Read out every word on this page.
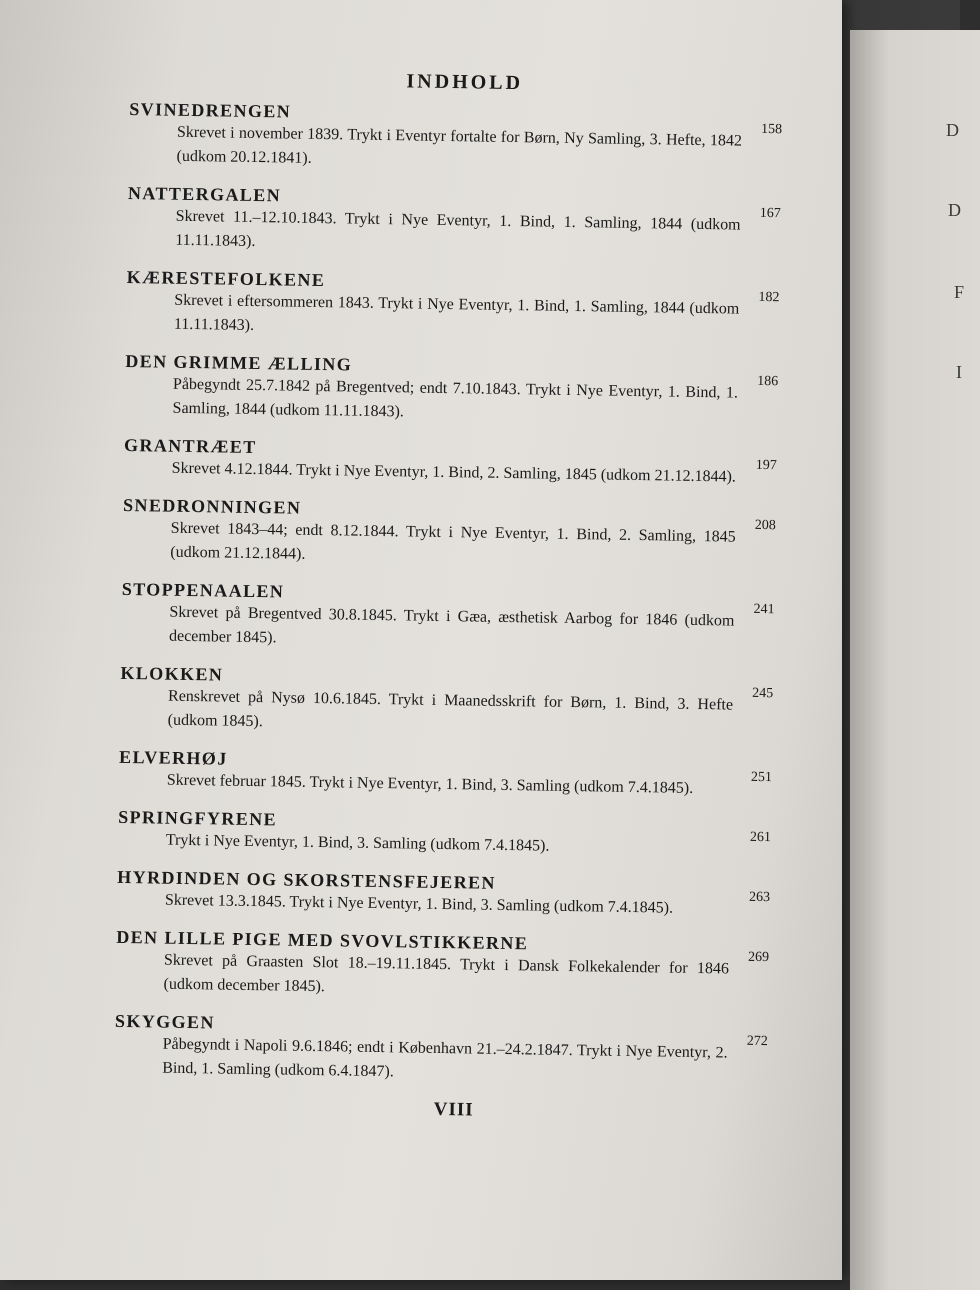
INDHOLD
SVINEDRENGEN
Skrevet i november 1839. Trykt i Eventyr fortalte for Børn, Ny Samling, 3. Hefte, 1842 (udkom 20.12.1841).
158
NATTERGALEN
Skrevet 11.–12.10.1843. Trykt i Nye Eventyr, 1. Bind, 1. Samling, 1844 (udkom 11.11.1843).
167
KÆRESTEFOLKENE
Skrevet i eftersommeren 1843. Trykt i Nye Eventyr, 1. Bind, 1. Samling, 1844 (udkom 11.11.1843).
182
DEN GRIMME ÆLLING
Påbegyndt 25.7.1842 på Bregentved; endt 7.10.1843. Trykt i Nye Eventyr, 1. Bind, 1. Samling, 1844 (udkom 11.11.1843).
186
GRANTRÆET
Skrevet 4.12.1844. Trykt i Nye Eventyr, 1. Bind, 2. Samling, 1845 (udkom 21.12.1844). 197
SNEDRONNINGEN
Skrevet 1843–44; endt 8.12.1844. Trykt i Nye Eventyr, 1. Bind, 2. Samling, 1845 (udkom 21.12.1844).
208
STOPPENAALEN
Skrevet på Bregentved 30.8.1845. Trykt i Gæa, æsthetisk Aarbog for 1846 (udkom december 1845).
241
KLOKKEN
Renskrevet på Nysø 10.6.1845. Trykt i Maanedsskrift for Børn, 1. Bind, 3. Hefte (udkom 1845).
245
ELVERHØJ
Skrevet februar 1845. Trykt i Nye Eventyr, 1. Bind, 3. Samling (udkom 7.4.1845).	251
SPRINGFYRENE
Trykt i Nye Eventyr, 1. Bind, 3. Samling (udkom 7.4.1845).	261
HYRDINDEN OG SKORSTENSFEJEREN
Skrevet 13.3.1845. Trykt i Nye Eventyr, 1. Bind, 3. Samling (udkom 7.4.1845).	263
DEN LILLE PIGE MED SVOVLSTIKKERNE
Skrevet på Graasten Slot 18.–19.11.1845. Trykt i Dansk Folkekalender for 1846 (udkom december 1845).
269
SKYGGEN
Påbegyndt i Napoli 9.6.1846; endt i København 21.–24.2.1847. Trykt i Nye Eventyr, 2. Bind, 1. Samling (udkom 6.4.1847).
272
VIII
D
D
F
I
